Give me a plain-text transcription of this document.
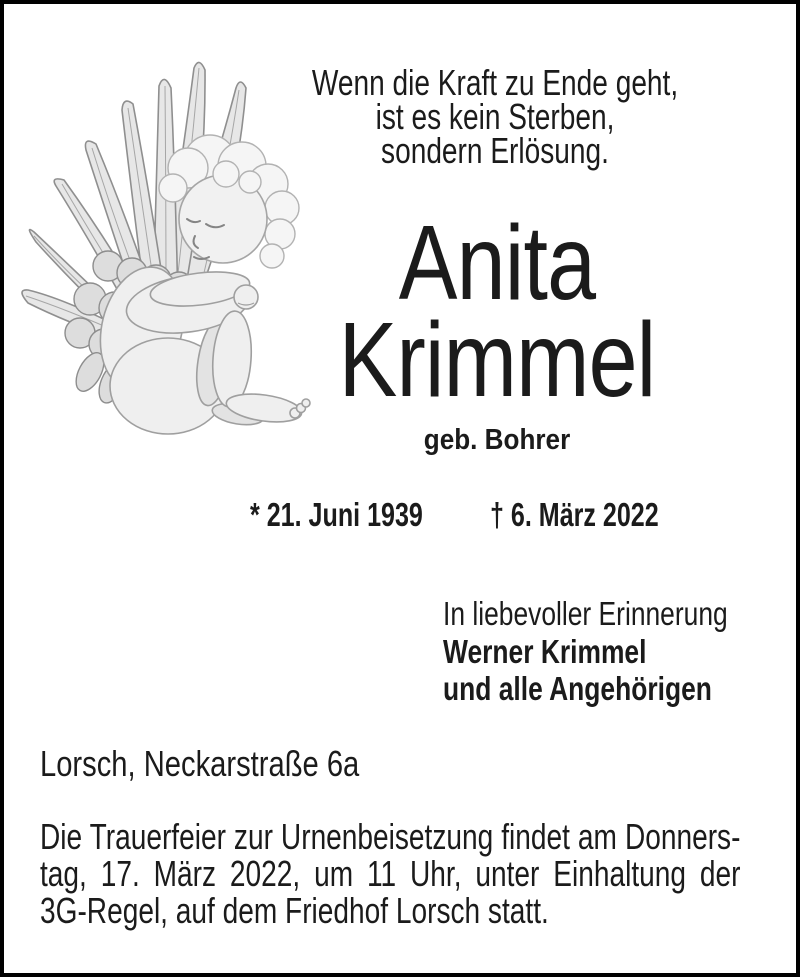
Wenn die Kraft zu Ende geht,
ist es kein Sterben,
sondern Erlösung.
Anita
Krimmel
geb. Bohrer
* 21. Juni 1939 † 6. März 2022
In liebevoller Erinnerung
Werner Krimmel
und alle Angehörigen
Lorsch, Neckarstraße 6a
Die Trauerfeier zur Urnenbeisetzung findet am Donners-
tag, 17. März 2022, um 11 Uhr, unter Einhaltung der
3G-Regel, auf dem Friedhof Lorsch statt.
